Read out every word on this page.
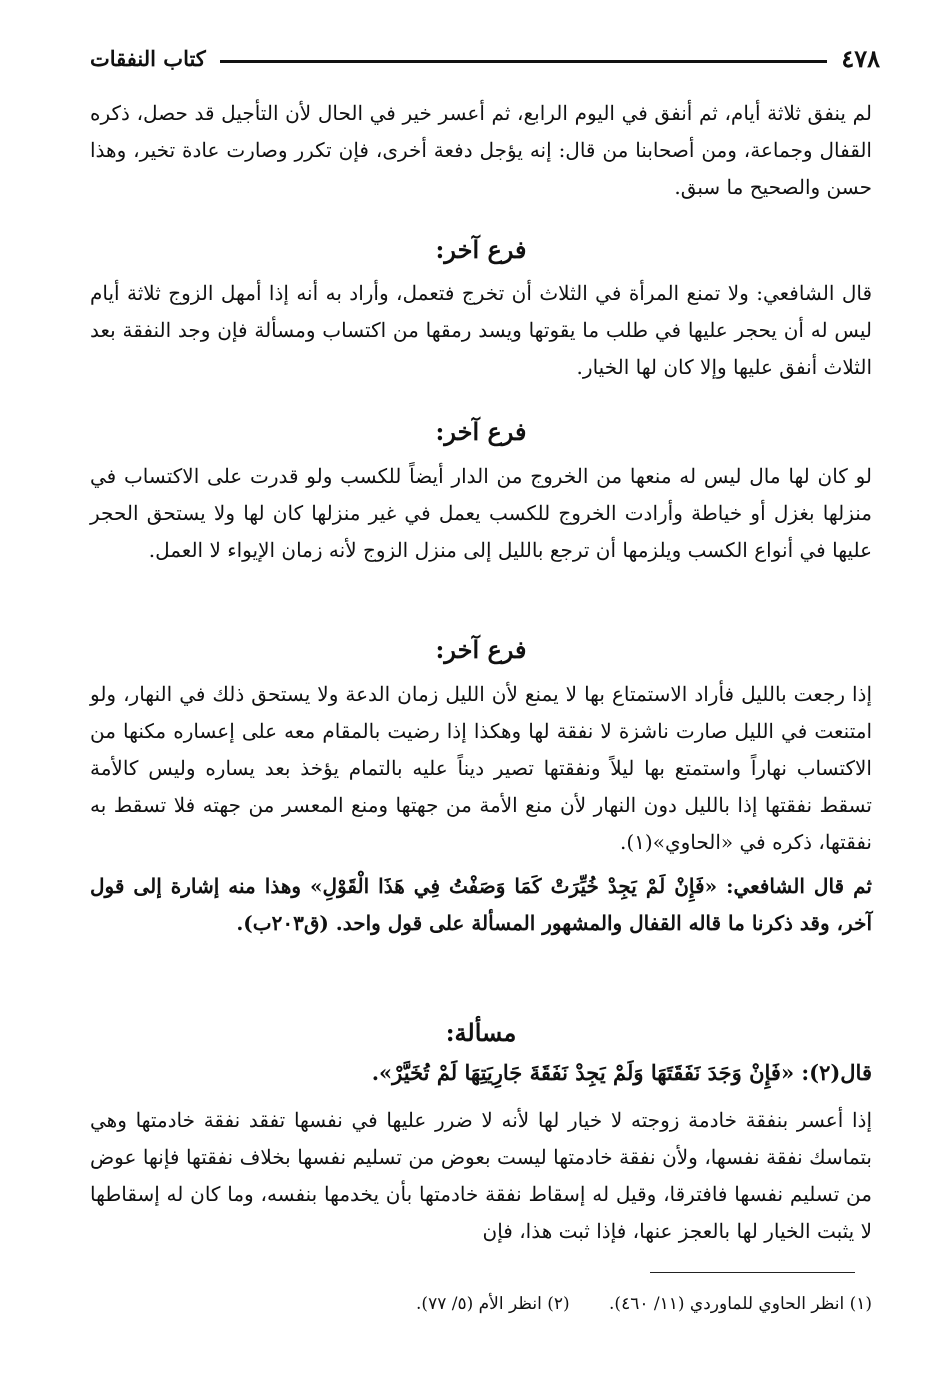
٤٧٨
كتاب النفقات
لم ينفق ثلاثة أيام، ثم أنفق في اليوم الرابع، ثم أعسر خير في الحال لأن التأجيل قد حصل، ذكره القفال وجماعة، ومن أصحابنا من قال: إنه يؤجل دفعة أخرى، فإن تكرر وصارت عادة تخير، وهذا حسن والصحيح ما سبق.
فرع آخر:
قال الشافعي: ولا تمنع المرأة في الثلاث أن تخرج فتعمل، وأراد به أنه إذا أمهل الزوج ثلاثة أيام ليس له أن يحجر عليها في طلب ما يقوتها ويسد رمقها من اكتساب ومسألة فإن وجد النفقة بعد الثلاث أنفق عليها وإلا كان لها الخيار.
فرع آخر:
لو كان لها مال ليس له منعها من الخروج من الدار أيضاً للكسب ولو قدرت على الاكتساب في منزلها بغزل أو خياطة وأرادت الخروج للكسب يعمل في غير منزلها كان لها ولا يستحق الحجر عليها في أنواع الكسب ويلزمها أن ترجع بالليل إلى منزل الزوج لأنه زمان الإيواء لا العمل.
فرع آخر:
إذا رجعت بالليل فأراد الاستمتاع بها لا يمنع لأن الليل زمان الدعة ولا يستحق ذلك في النهار، ولو امتنعت في الليل صارت ناشزة لا نفقة لها وهكذا إذا رضيت بالمقام معه على إعساره مكنها من الاكتساب نهاراً واستمتع بها ليلاً ونفقتها تصير ديناً عليه بالتمام يؤخذ بعد يساره وليس كالأمة تسقط نفقتها إذا بالليل دون النهار لأن منع الأمة من جهتها ومنع المعسر من جهته فلا تسقط به نفقتها، ذكره في «الحاوي»(١).
ثم قال الشافعي: «فَإِنْ لَمْ يَجِدْ خُيِّرَتْ كَمَا وَصَفْتُ فِي هَذَا الْقَوْلِ» وهذا منه إشارة إلى قول آخر، وقد ذكرنا ما قاله القفال والمشهور المسألة على قول واحد. (ق٢٠٣ب).
مسألة:
قال(٢): «فَإِنْ وَجَدَ نَفَقَتَهَا وَلَمْ يَجِدْ نَفَقَةَ جَارِيَتِهَا لَمْ تُخَيَّرْ».
إذا أعسر بنفقة خادمة زوجته لا خيار لها لأنه لا ضرر عليها في نفسها تفقد نفقة خادمتها وهي بتماسك نفقة نفسها، ولأن نفقة خادمتها ليست بعوض من تسليم نفسها بخلاف نفقتها فإنها عوض من تسليم نفسها فافترقا، وقيل له إسقاط نفقة خادمتها بأن يخدمها بنفسه، وما كان له إسقاطها لا يثبت الخيار لها بالعجز عنها، فإذا ثبت هذا، فإن
(١) انظر الحاوي للماوردي (١١/ ٤٦٠). (٢) انظر الأم (٥/ ٧٧).
